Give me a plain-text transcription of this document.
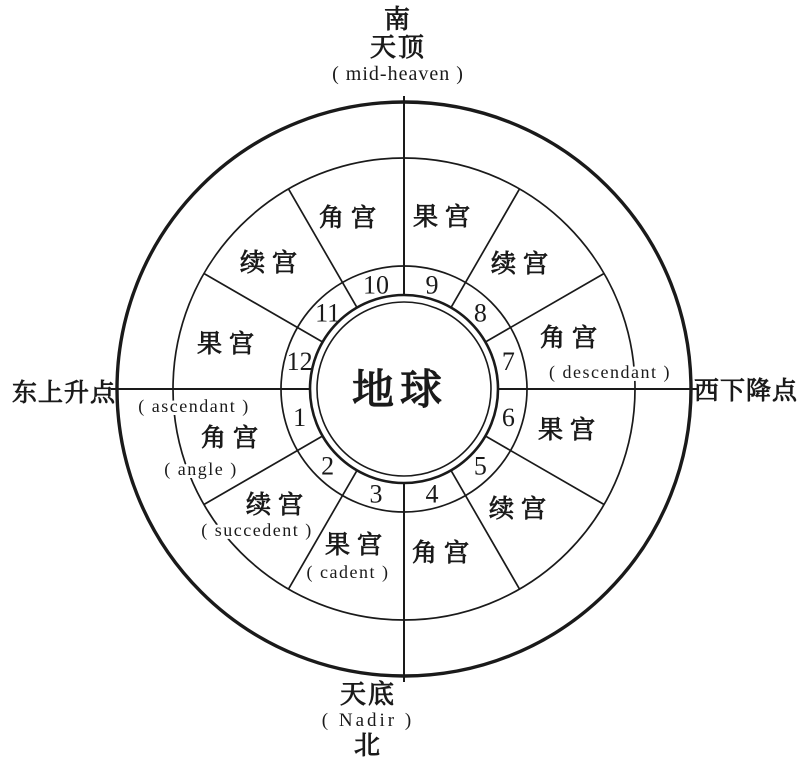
地球
( ascendant ) 1
角宫
( angle )	2
续宫
( succedent )
3
果宫
( cadent )
4
角宫
5
续宫
6 果宫
7
角宫
( descendant )
8
续宫
9
果宫
10
角宫
11
续宫
12
果宫
南
天顶
( mid-heaven )
天底
( Nadir )
北
东上升点	西下降点
